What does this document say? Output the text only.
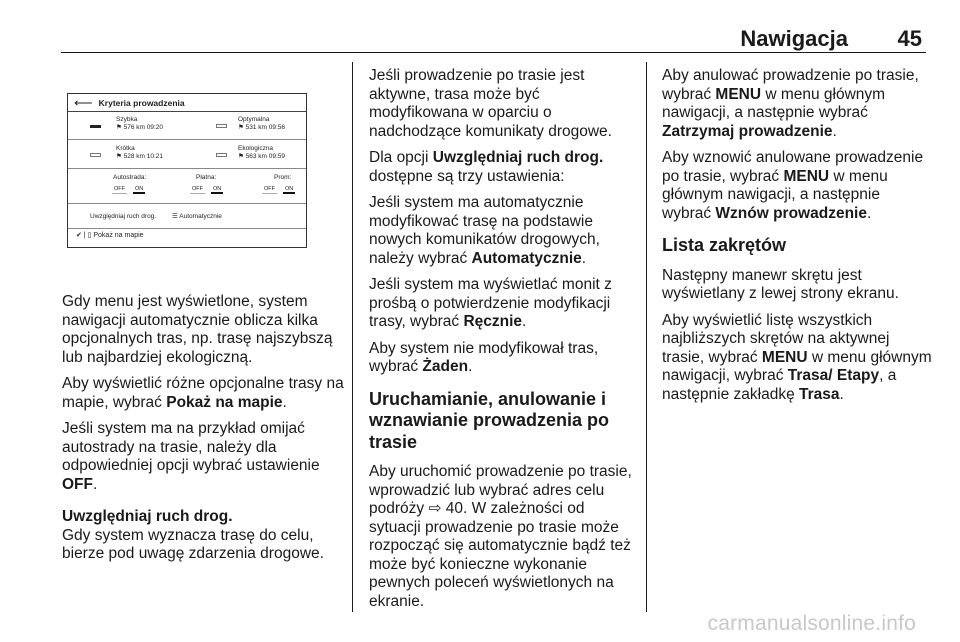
Nawigacja 45
⟵ Kryteria prowadzenia
Szybka
⚑ 576 km 09:20
Optymalna
⚑ 531 km 09:56
Krótka
⚑ 528 km 10:21
Ekologiczna
⚑ 563 km 09:59
Autostrada:
OFF	ON
Płatna:
OFF	ON
Prom:
OFF	ON
Uwzględniaj ruch drog. ☰ Automatycznie
✔ | ▯ Pokaż na mapie

Gdy menu jest wyświetlone, system nawigacji automatycznie oblicza kilka opcjonalnych tras, np. trasę najszybszą lub najbardziej ekologiczną.

Aby wyświetlić różne opcjonalne trasy na mapie, wybrać Pokaż na mapie.

Jeśli system ma na przykład omijać autostrady na trasie, należy dla odpowiedniej opcji wybrać ustawienie OFF.

Uwzględniaj ruch drog.

Gdy system wyznacza trasę do celu, bierze pod uwagę zdarzenia drogowe.

Jeśli prowadzenie po trasie jest aktywne, trasa może być modyfikowana w oparciu o nadchodzące komunikaty drogowe.

Dla opcji Uwzględniaj ruch drog. dostępne są trzy ustawienia:

Jeśli system ma automatycznie modyfikować trasę na podstawie nowych komunikatów drogowych, należy wybrać Automatycznie.

Jeśli system ma wyświetlać monit z prośbą o potwierdzenie modyfikacji trasy, wybrać Ręcznie.

Aby system nie modyfikował tras, wybrać Żaden.

Uruchamianie, anulowanie i wznawianie prowadzenia po trasie

Aby uruchomić prowadzenie po trasie, wprowadzić lub wybrać adres celu podróży ⇨ 40. W zależności od sytuacji prowadzenie po trasie może rozpocząć się automatycznie bądź też może być konieczne wykonanie pewnych poleceń wyświetlonych na ekranie.

Aby anulować prowadzenie po trasie, wybrać MENU w menu głównym nawigacji, a następnie wybrać Zatrzymaj prowadzenie.

Aby wznowić anulowane prowadzenie po trasie, wybrać MENU w menu głównym nawigacji, a następnie wybrać Wznów prowadzenie.

Lista zakrętów

Następny manewr skrętu jest wyświetlany z lewej strony ekranu.

Aby wyświetlić listę wszystkich najbliższych skrętów na aktywnej trasie, wybrać MENU w menu głównym nawigacji, wybrać Trasa/ Etapy, a następnie zakładkę Trasa.

carmanualsonline.info
